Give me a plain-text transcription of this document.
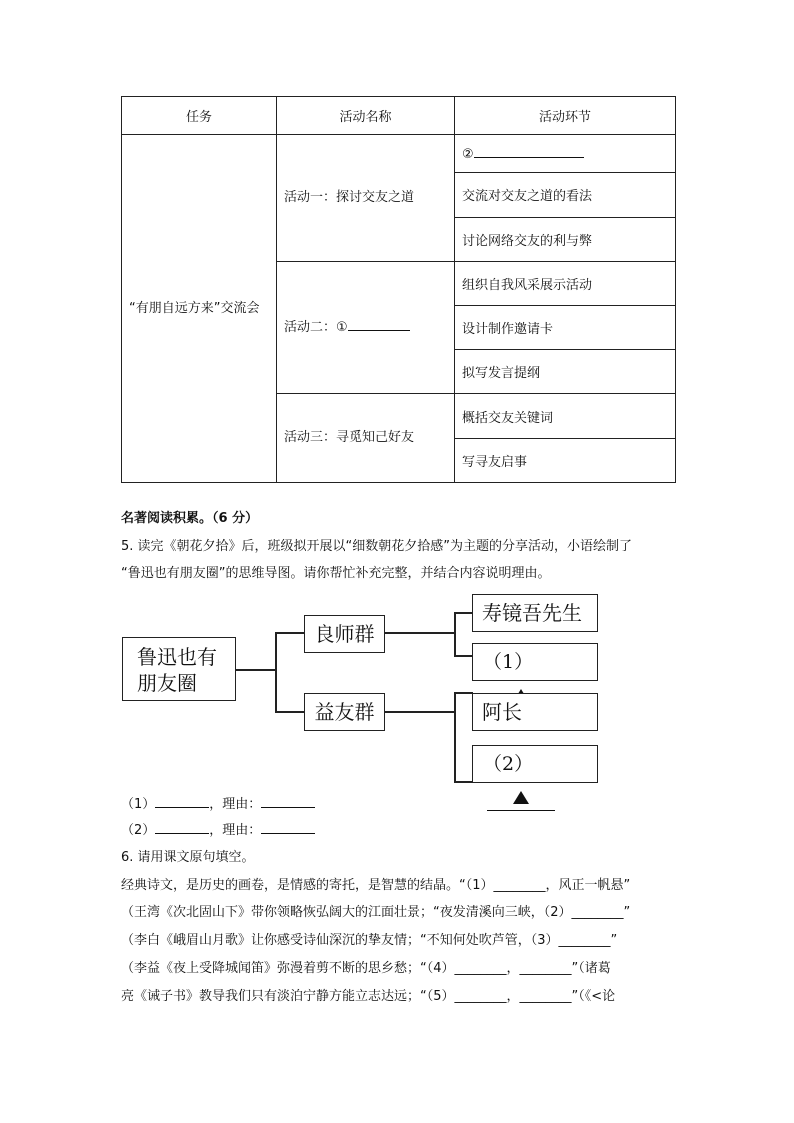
任务	活动名称	活动环节
“有朋自远方来”交流会	活动一：探讨交友之道	②
		交流对交友之道的看法
		讨论网络交友的利与弊
	活动二：①	组织自我风采展示活动
		设计制作邀请卡
		拟写发言提纲
	活动三：寻觅知己好友	概括交友关键词
		写寻友启事
名著阅读积累。（6 分）
5. 读完《朝花夕拾》后，班级拟开展以“细数朝花夕拾感”为主题的分享活动，小语绘制了
“鲁迅也有朋友圈”的思维导图。请你帮忙补充完整，并结合内容说明理由。
鲁迅也有
朋友圈
良师群
益友群
寿镜吾先生
（1）
阿长
（2）
（1）	，理由：
（2）	，理由：
6. 请用课文原句填空。
经典诗文，是历史的画卷，是情感的寄托，是智慧的结晶。“（1）________，风正一帆悬”
（王湾《次北固山下》带你领略恢弘阔大的江面壮景；“夜发清溪向三峡，（2）________”
（李白《峨眉山月歌》让你感受诗仙深沉的挚友情；“不知何处吹芦管，（3）________”
（李益《夜上受降城闻笛》弥漫着剪不断的思乡愁；“（4）________，________”（诸葛
亮《诫子书》教导我们只有淡泊宁静方能立志达远；“（5）________，________”（《<论
